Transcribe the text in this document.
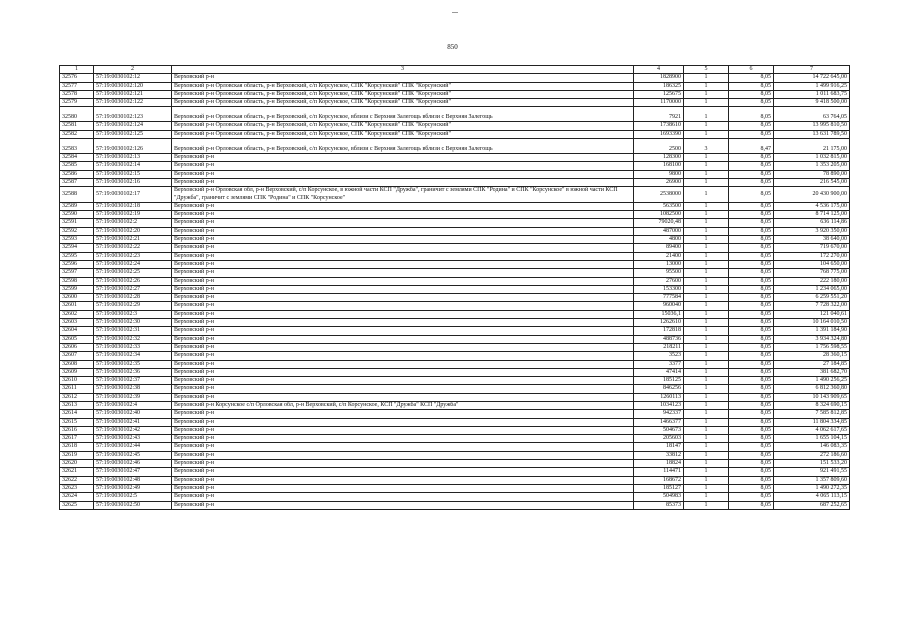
850
1	2	3	4	5	6	7
32576	57:19:0030102:12	Верховский р-н	1828900	1	8,05	14 722 645,00
32577	57:19:0030102:120	Верховский р-н Орловская область, р-н Верховский, с/п Корсунское, СПК "Корсунский" СПК "Корсунский"	186325	1	8,05	1 499 916,25
32578	57:19:0030102:121	Верховский р-н Орловская область, р-н Верховский, с/п Корсунское, СПК "Корсунский" СПК "Корсунский"	125675	1	8,05	1 011 683,75
32579	57:19:0030102:122	Верховский р-н Орловская область, р-н Верховский, с/п Корсунское, СПК "Корсунский" СПК "Корсунский"	1170000	1	8,05	9 418 500,00
32580	57:19:0030102:123	Верховский р-н Орловская область, р-н Верховский, с/п Корсунское, вблизи с Верхняя Залегощь вблизи с Верхняя Залегощь	7921	1	8,05	63 764,05
32581	57:19:0030102:124	Верховский р-н Орловская область, р-н Верховский, с/п Корсунское, СПК "Корсунский" СПК "Корсунский"	1738610	1	8,05	13 995 810,50
32582	57:19:0030102:125	Верховский р-н Орловская область, р-н Верховский, с/п Корсунское, СПК "Корсунский" СПК "Корсунский"	1693390	1	8,05	13 631 789,50
32583	57:19:0030102:126	Верховский р-н Орловская область, р-н Верховский, с/п Корсунское, вблизи с Верхняя Залегощь вблизи с Верхняя Залегощь	2500	3	8,47	21 175,00
32584	57:19:0030102:13	Верховский р-н	128300	1	8,05	1 032 815,00
32585	57:19:0030102:14	Верховский р-н	168100	1	8,05	1 353 205,00
32586	57:19:0030102:15	Верховский р-н	9800	1	8,05	78 890,00
32587	57:19:0030102:16	Верховский р-н	26900	1	8,05	216 545,00
32588	57:19:0030102:17	Верховский р-н Орловская обл, р-н Верховский, с/п Корсунское, в южной части КСП "Дружба", граничит с землями СПК "Родина" и СПК "Корсунское" в южной части КСП "Дружба", граничит с землями СПК "Родина" и СПК "Корсунское"	2538000	1	8,05	20 430 900,00
32589	57:19:0030102:18	Верховский р-н	563500	1	8,05	4 536 175,00
32590	57:19:0030102:19	Верховский р-н	1082500	1	8,05	8 714 125,00
32591	57:19:0030102:2	Верховский р-н	79020,48	1	8,05	636 114,86
32592	57:19:0030102:20	Верховский р-н	487000	1	8,05	3 920 350,00
32593	57:19:0030102:21	Верховский р-н	4800	1	8,05	38 640,00
32594	57:19:0030102:22	Верховский р-н	89400	1	8,05	719 670,00
32595	57:19:0030102:23	Верховский р-н	21400	1	8,05	172 270,00
32596	57:19:0030102:24	Верховский р-н	13000	1	8,05	104 650,00
32597	57:19:0030102:25	Верховский р-н	95500	1	8,05	768 775,00
32598	57:19:0030102:26	Верховский р-н	27600	1	8,05	222 180,00
32599	57:19:0030102:27	Верховский р-н	153300	1	8,05	1 234 065,00
32600	57:19:0030102:28	Верховский р-н	777584	1	8,05	6 259 551,20
32601	57:19:0030102:29	Верховский р-н	960040	1	8,05	7 728 322,00
32602	57:19:0030102:3	Верховский р-н	15036,1	1	8,05	121 040,61
32603	57:19:0030102:30	Верховский р-н	1262610	1	8,05	10 164 010,50
32604	57:19:0030102:31	Верховский р-н	172818	1	8,05	1 391 184,90
32605	57:19:0030102:32	Верховский р-н	488736	1	8,05	3 934 324,80
32606	57:19:0030102:33	Верховский р-н	218211	1	8,05	1 756 598,55
32607	57:19:0030102:34	Верховский р-н	3523	1	8,05	28 360,15
32608	57:19:0030102:35	Верховский р-н	3377	1	8,05	27 184,85
32609	57:19:0030102:36	Верховский р-н	47414	1	8,05	381 682,70
32610	57:19:0030102:37	Верховский р-н	185125	1	8,05	1 490 256,25
32611	57:19:0030102:38	Верховский р-н	846256	1	8,05	6 812 360,80
32612	57:19:0030102:39	Верховский р-н	1260113	1	8,05	10 143 909,65
32613	57:19:0030102:4	Верховский р-н Корсунское с/п Орловская обл, р-н Верховский, с/п Корсунское, КСП "Дружба" КСП "Дружба"	1034123	1	8,05	8 324 690,15
32614	57:19:0030102:40	Верховский р-н	942337	1	8,05	7 585 812,85
32615	57:19:0030102:41	Верховский р-н	1466377	1	8,05	11 804 334,85
32616	57:19:0030102:42	Верховский р-н	504673	1	8,05	4 062 617,65
32617	57:19:0030102:43	Верховский р-н	205603	1	8,05	1 655 104,15
32618	57:19:0030102:44	Верховский р-н	18147	1	8,05	146 083,35
32619	57:19:0030102:45	Верховский р-н	33812	1	8,05	272 186,60
32620	57:19:0030102:46	Верховский р-н	18824	1	8,05	151 533,20
32621	57:19:0030102:47	Верховский р-н	114471	1	8,05	921 491,55
32622	57:19:0030102:48	Верховский р-н	168672	1	8,05	1 357 809,60
32623	57:19:0030102:49	Верховский р-н	185127	1	8,05	1 490 272,35
32624	57:19:0030102:5	Верховский р-н	504983	1	8,05	4 065 113,15
32625	57:19:0030102:50	Верховский р-н	85373	1	8,05	687 252,65
